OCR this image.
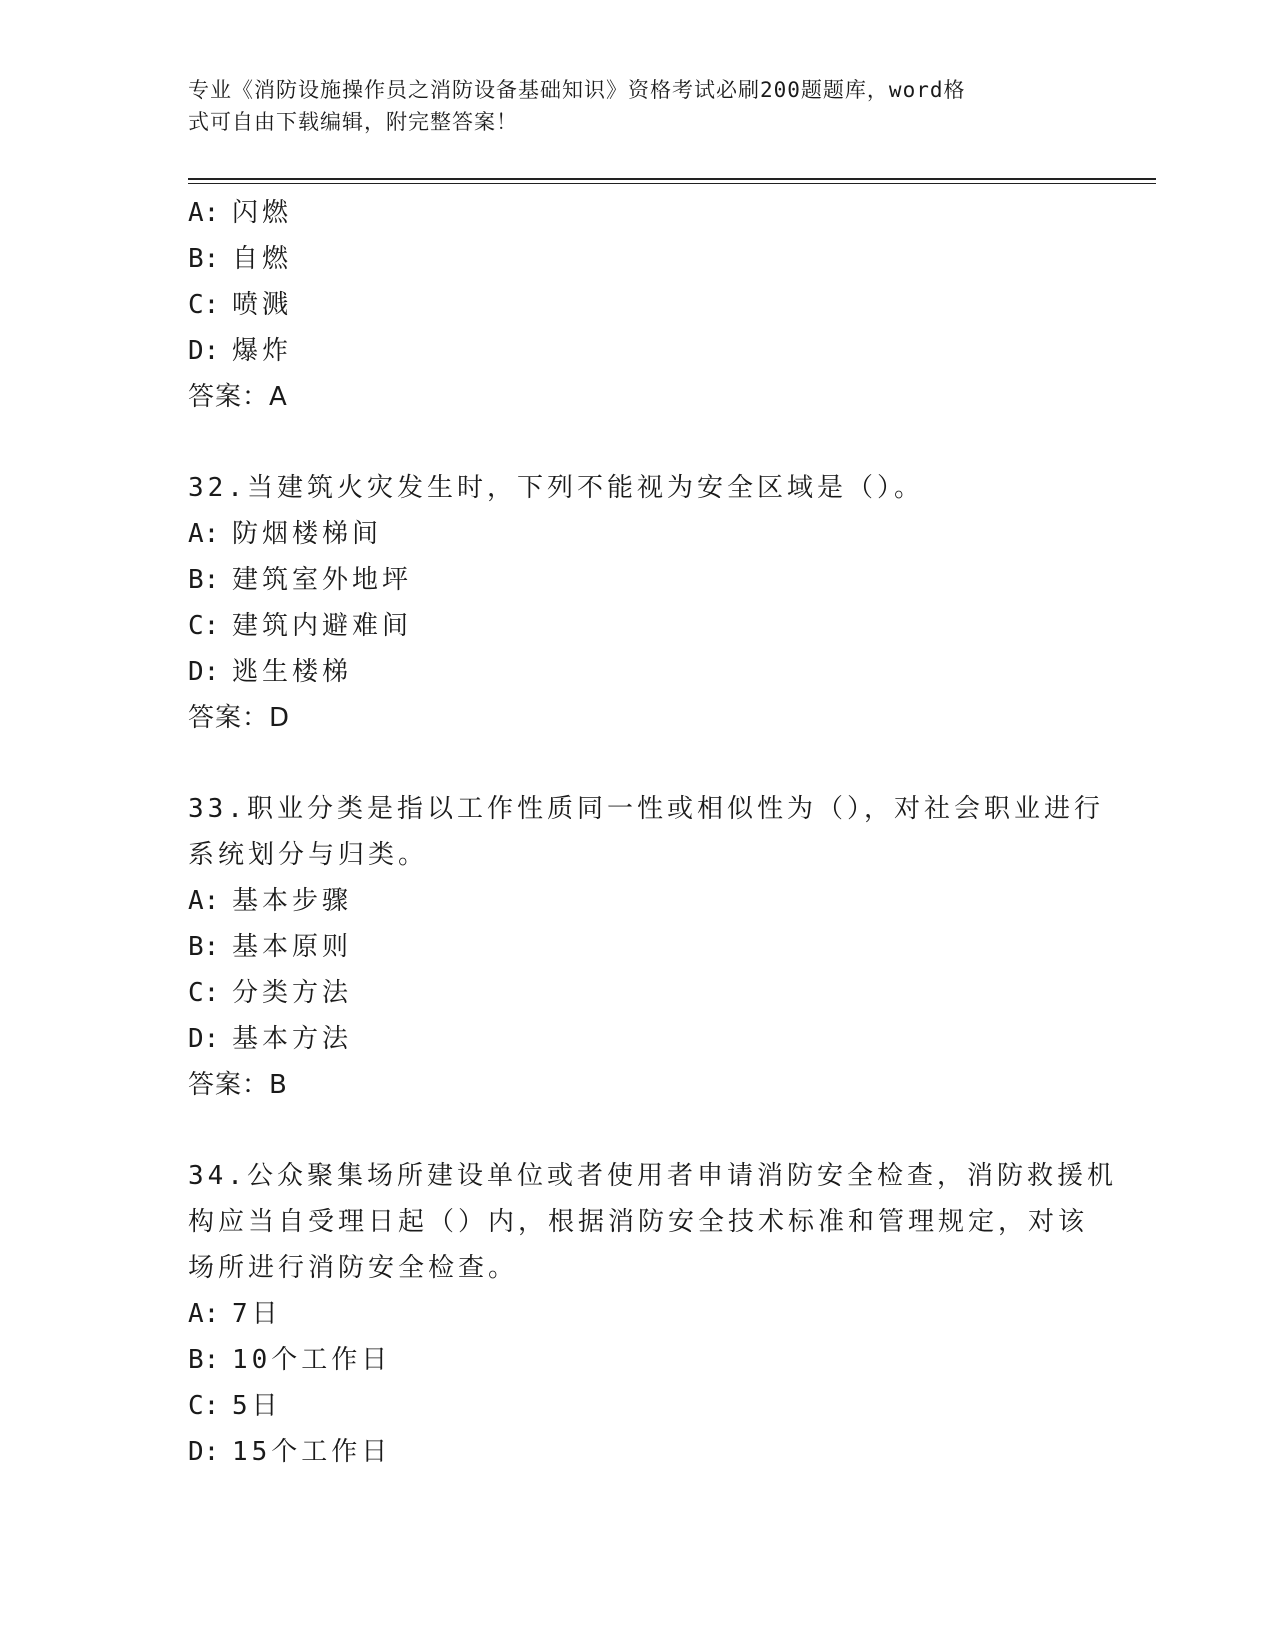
专业《消防设施操作员之消防设备基础知识》资格考试必刷200题题库，word格
式可自由下载编辑，附完整答案！
A: 闪燃
B: 自燃
C: 喷溅
D: 爆炸
答案：A
32.当建筑火灾发生时，下列不能视为安全区域是（）。
A: 防烟楼梯间
B: 建筑室外地坪
C: 建筑内避难间
D: 逃生楼梯
答案：D
33.职业分类是指以工作性质同一性或相似性为（），对社会职业进行
系统划分与归类。
A: 基本步骤
B: 基本原则
C: 分类方法
D: 基本方法
答案：B
34.公众聚集场所建设单位或者使用者申请消防安全检查，消防救援机
构应当自受理日起（）内，根据消防安全技术标准和管理规定，对该
场所进行消防安全检查。
A: 7日
B: 10个工作日
C: 5日
D: 15个工作日
